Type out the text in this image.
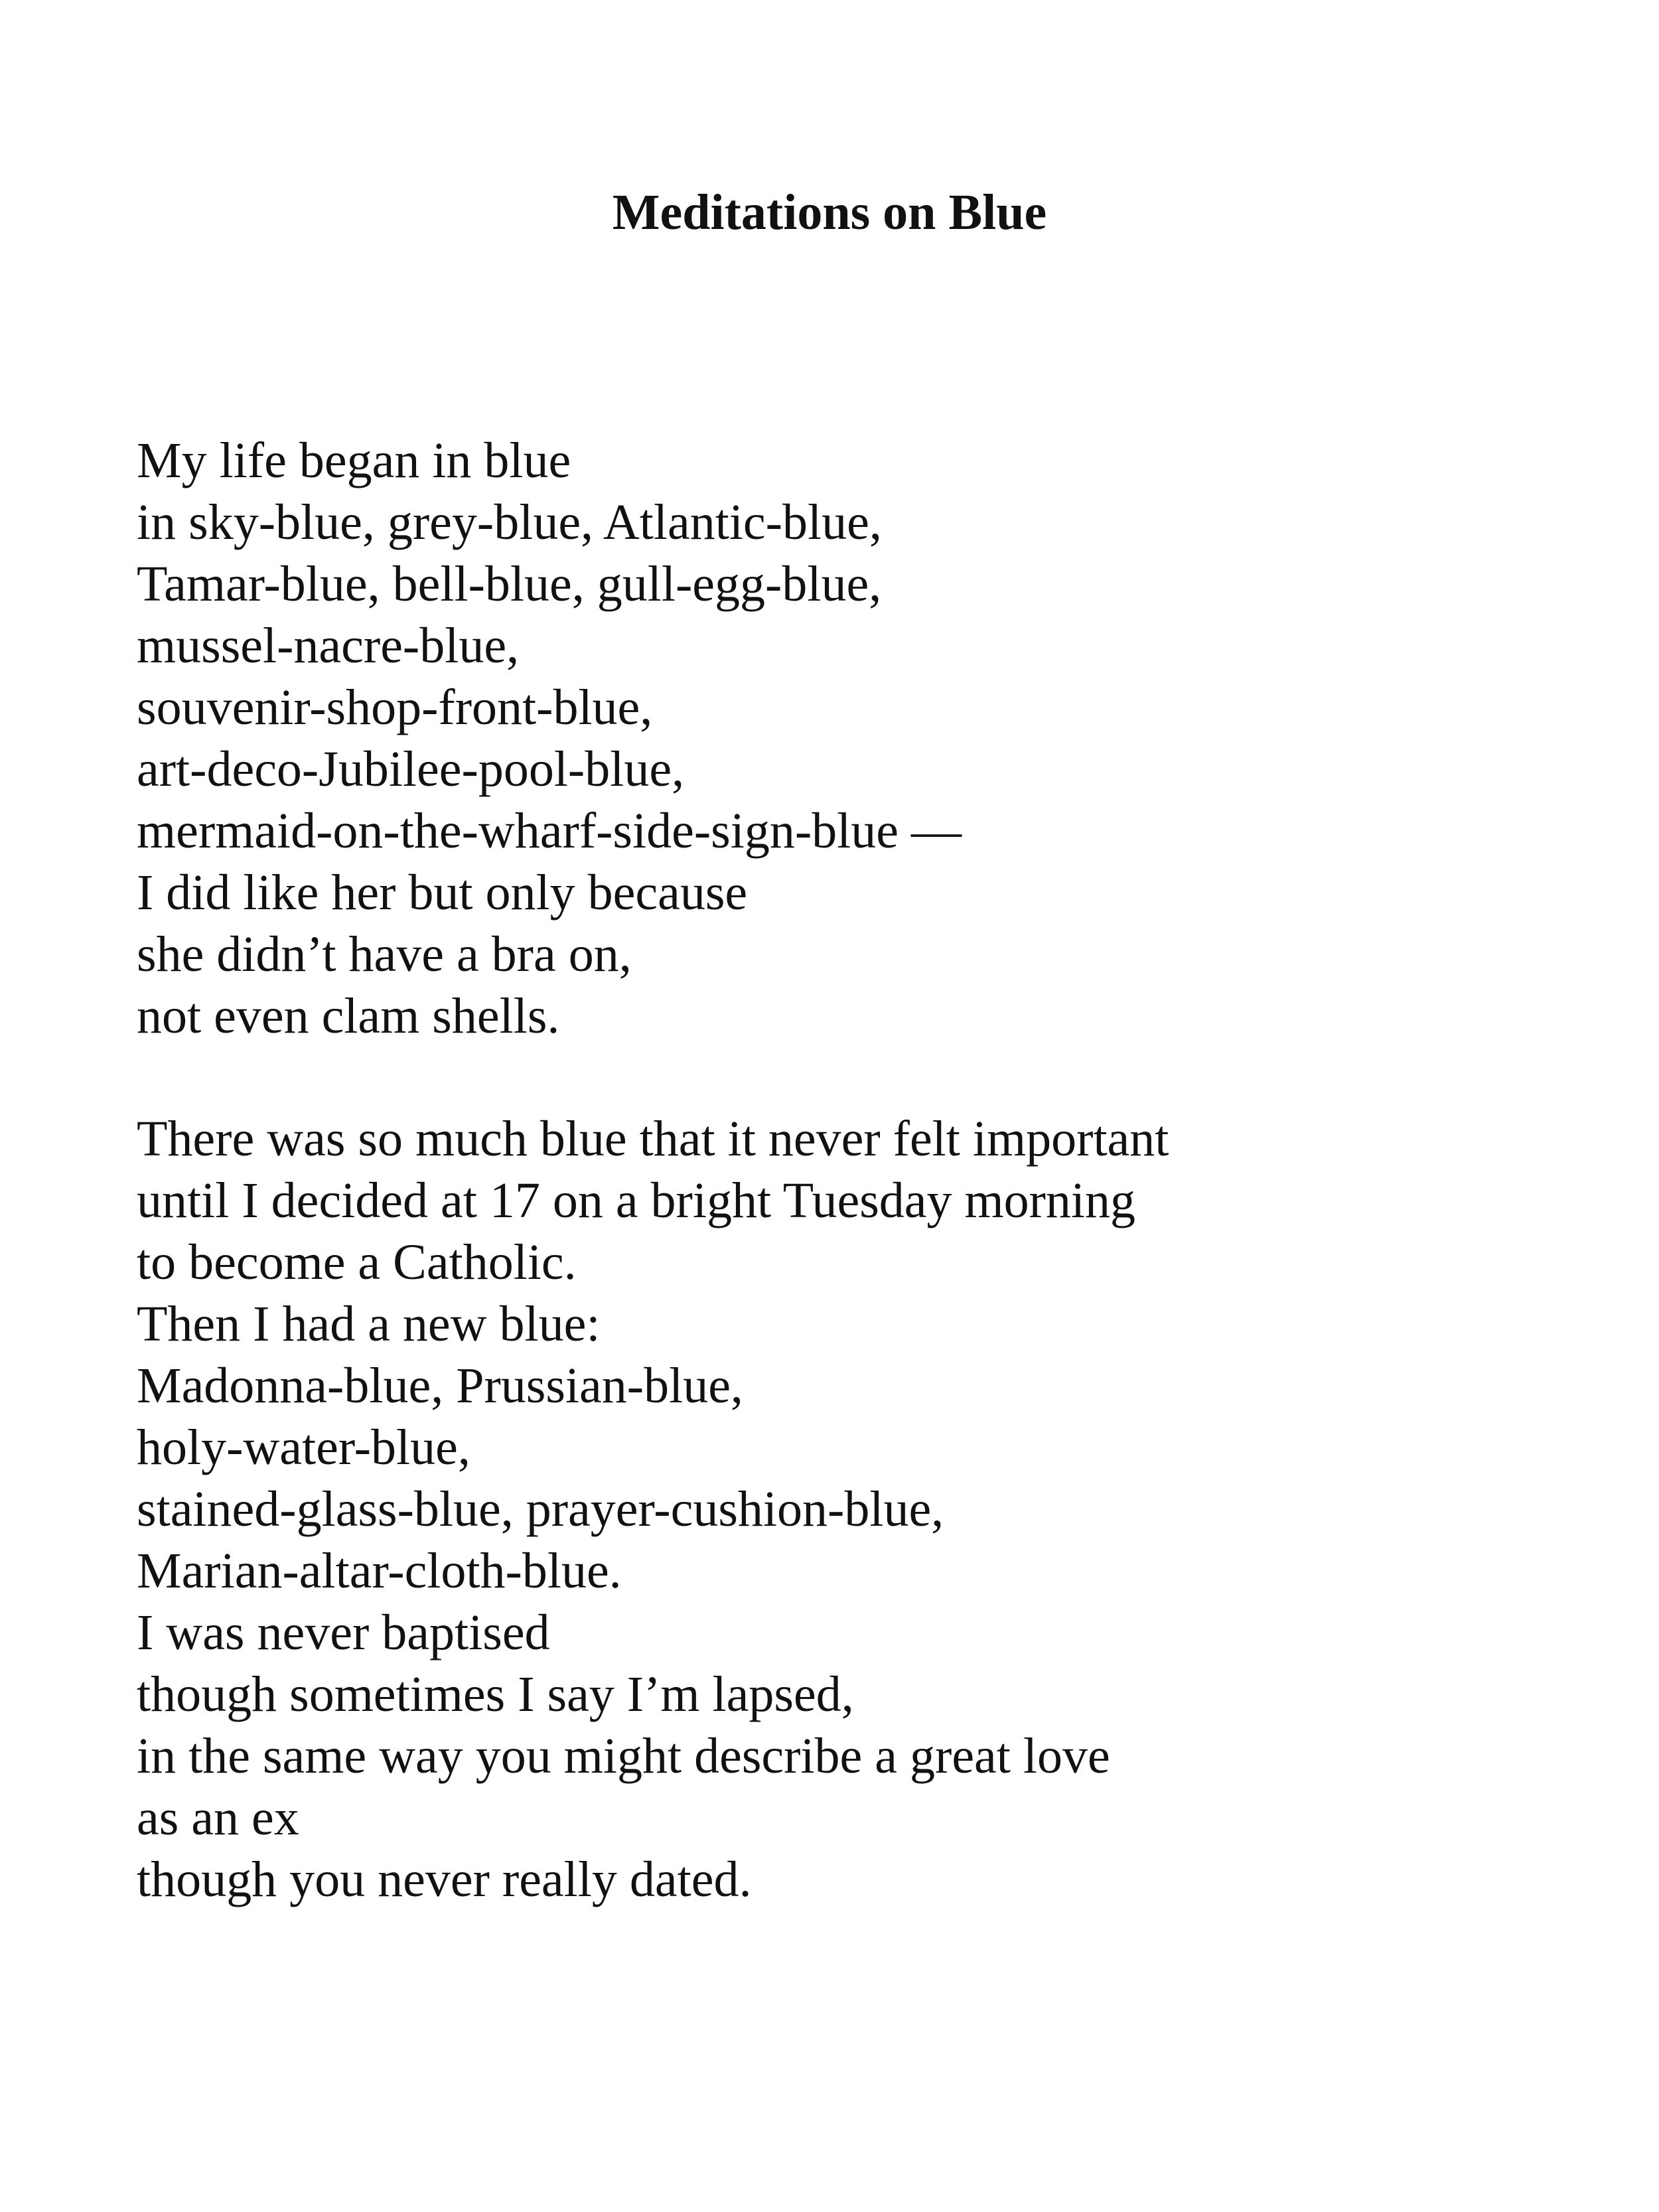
Meditations on Blue
My life began in blue
in sky-blue, grey-blue, Atlantic-blue,
Tamar-blue, bell-blue, gull-egg-blue,
mussel-nacre-blue,
souvenir-shop-front-blue,
art-deco-Jubilee-pool-blue,
mermaid-on-the-wharf-side-sign-blue —
I did like her but only because
she didn’t have a bra on,
not even clam shells.
There was so much blue that it never felt important
until I decided at 17 on a bright Tuesday morning
to become a Catholic.
Then I had a new blue:
Madonna-blue, Prussian-blue,
holy-water-blue,
stained-glass-blue, prayer-cushion-blue,
Marian-altar-cloth-blue.
I was never baptised
though sometimes I say I’m lapsed,
in the same way you might describe a great love
as an ex
though you never really dated.
